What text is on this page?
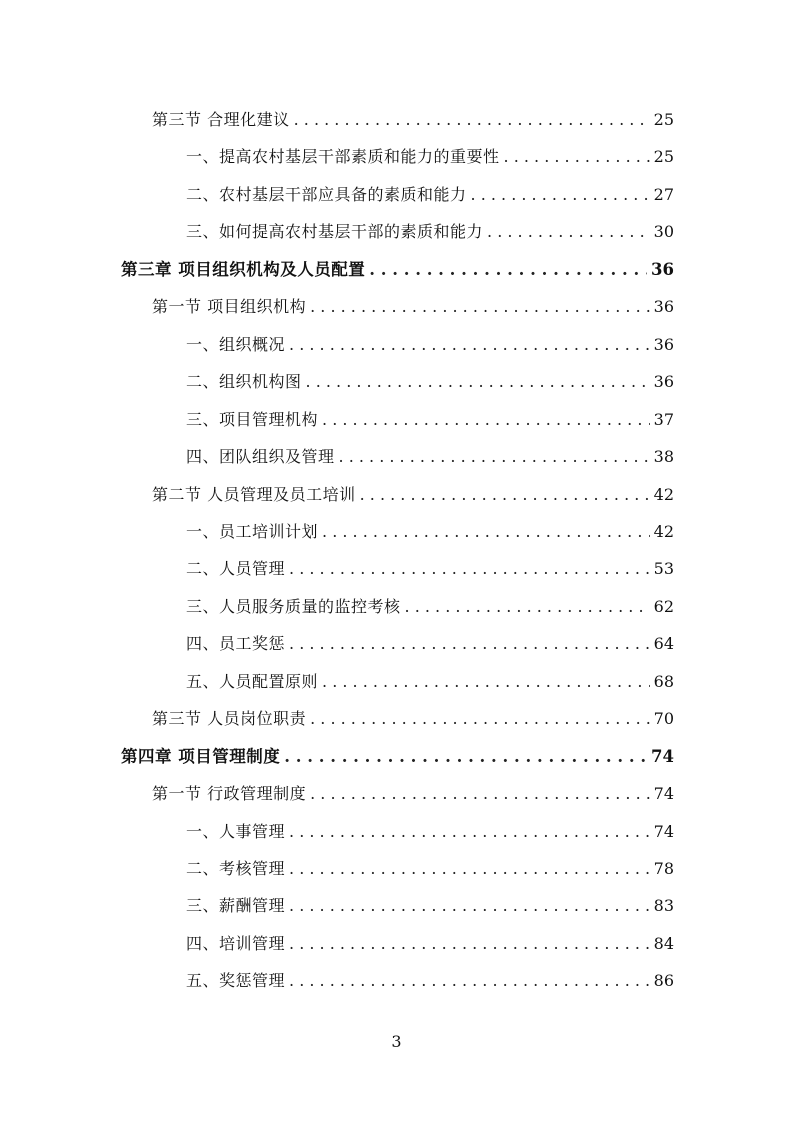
第三节 合理化建议 . . .	25
一、提高农村基层干部素质和能力的重要性 . . .	25
二、农村基层干部应具备的素质和能力 . . .	27
三、如何提高农村基层干部的素质和能力 . . .	30
第三章 项目组织机构及人员配置 . . .	36
第一节 项目组织机构 . . .	36
一、组织概况 . . .	36
二、组织机构图 . . .	36
三、项目管理机构 . . .	37
四、团队组织及管理 . . .	38
第二节 人员管理及员工培训 . . .	42
一、员工培训计划 . . .	42
二、人员管理 . . .	53
三、人员服务质量的监控考核 . . .	62
四、员工奖惩 . . .	64
五、人员配置原则 . . .	68
第三节 人员岗位职责 . . .	70
第四章 项目管理制度 . . .	74
第一节 行政管理制度 . . .	74
一、人事管理 . . .	74
二、考核管理 . . .	78
三、薪酬管理 . . .	83
四、培训管理 . . .	84
五、奖惩管理 . . .	86
3
